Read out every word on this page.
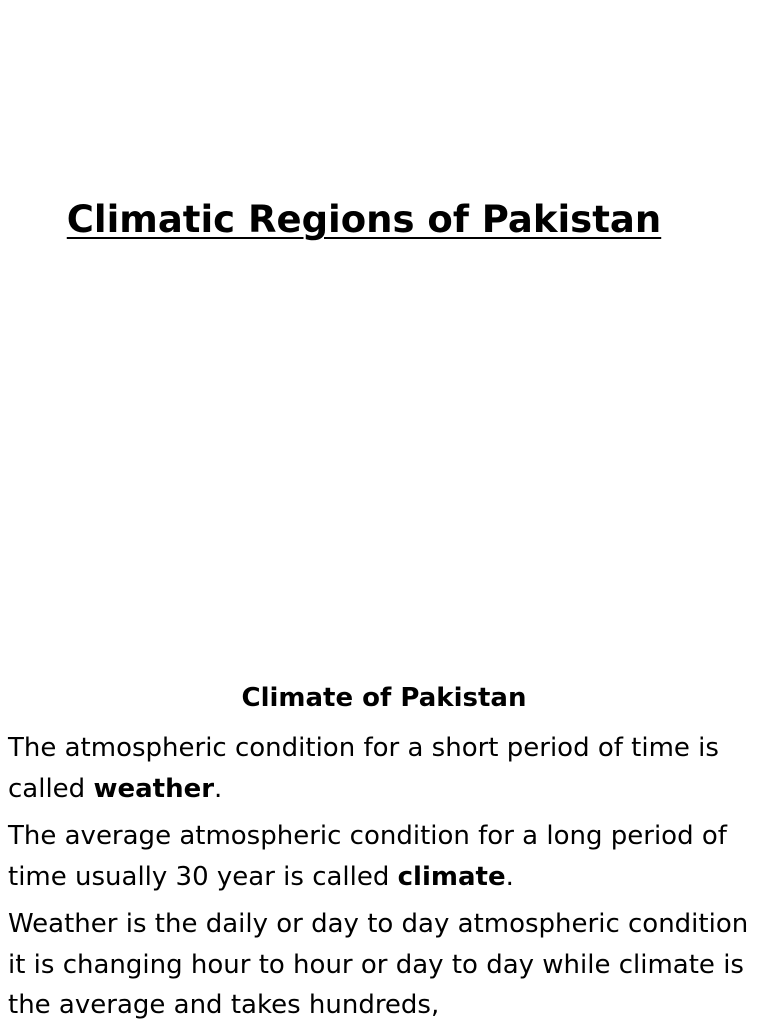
Climatic Regions of Pakistan
Climate of Pakistan

The atmospheric condition for a short period of time is called weather.

The average atmospheric condition for a long period of time usually 30 year is called climate.

Weather is the daily or day to day atmospheric condition it is changing hour to hour or day to day while climate is the average and takes hundreds,
